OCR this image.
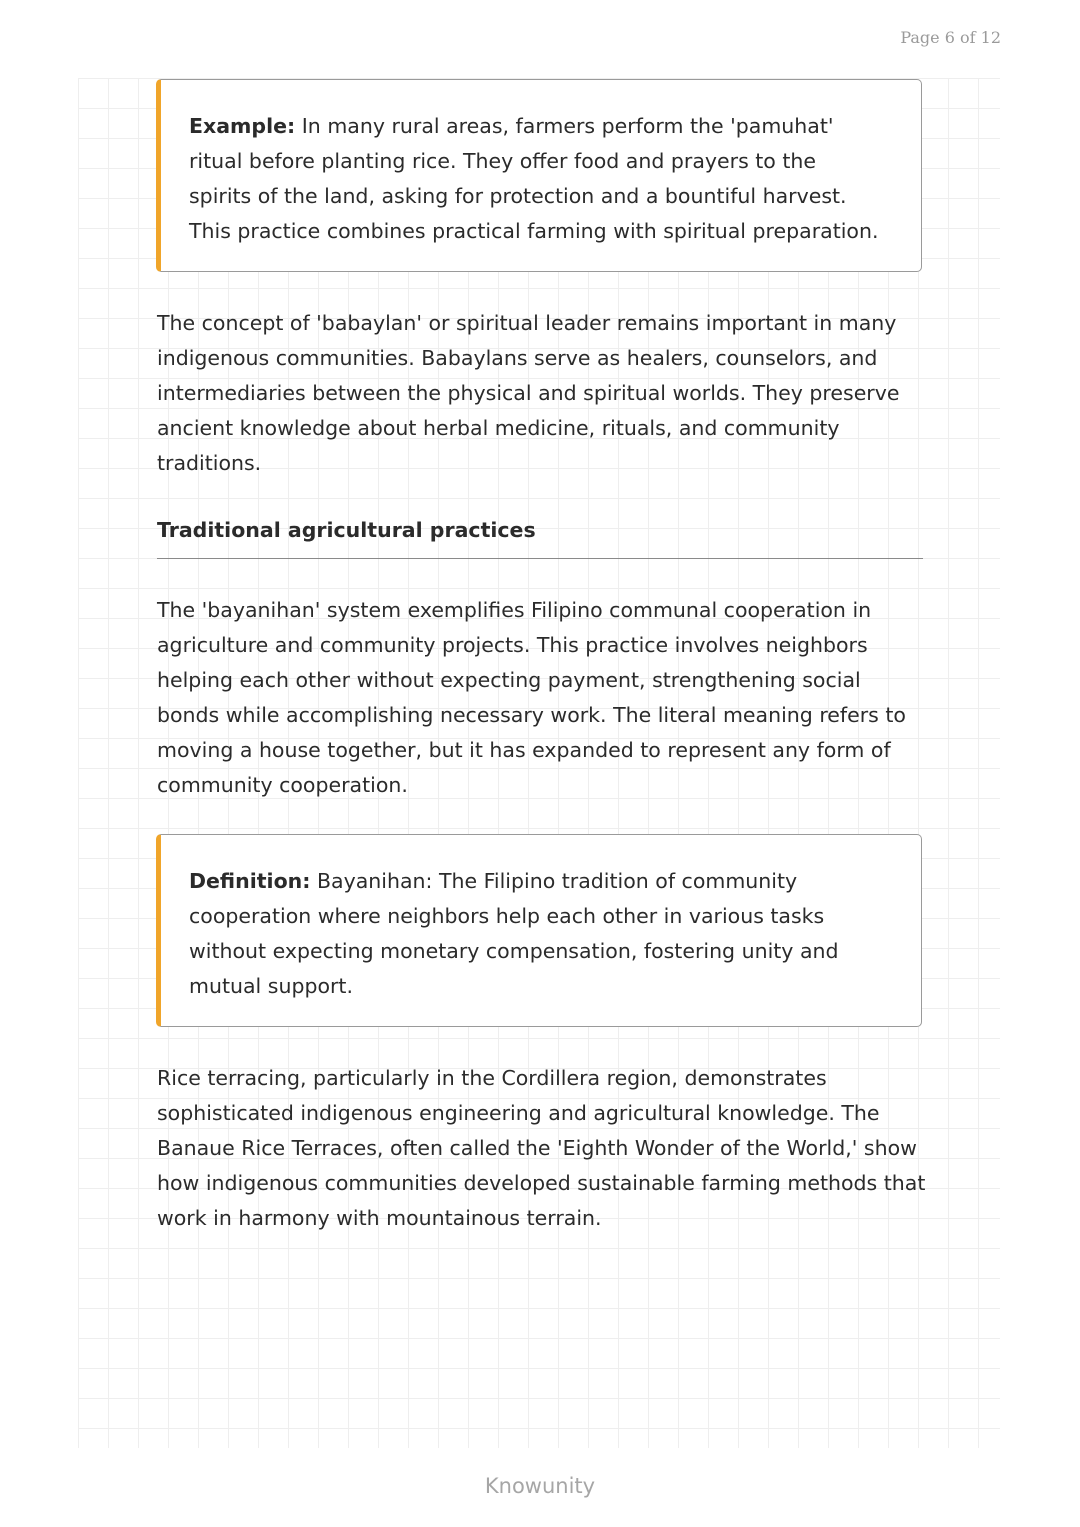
Page 6 of 12
Example: In many rural areas, farmers perform the 'pamuhat' ritual before planting rice. They offer food and prayers to the spirits of the land, asking for protection and a bountiful harvest. This practice combines practical farming with spiritual preparation.

The concept of 'babaylan' or spiritual leader remains important in many indigenous communities. Babaylans serve as healers, counselors, and intermediaries between the physical and spiritual worlds. They preserve ancient knowledge about herbal medicine, rituals, and community traditions.

Traditional agricultural practices

The 'bayanihan' system exemplifies Filipino communal cooperation in agriculture and community projects. This practice involves neighbors helping each other without expecting payment, strengthening social bonds while accomplishing necessary work. The literal meaning refers to moving a house together, but it has expanded to represent any form of community cooperation.

Definition: Bayanihan: The Filipino tradition of community cooperation where neighbors help each other in various tasks without expecting monetary compensation, fostering unity and mutual support.

Rice terracing, particularly in the Cordillera region, demonstrates sophisticated indigenous engineering and agricultural knowledge. The Banaue Rice Terraces, often called the 'Eighth Wonder of the World,' show how indigenous communities developed sustainable farming methods that work in harmony with mountainous terrain.

Knowunity
